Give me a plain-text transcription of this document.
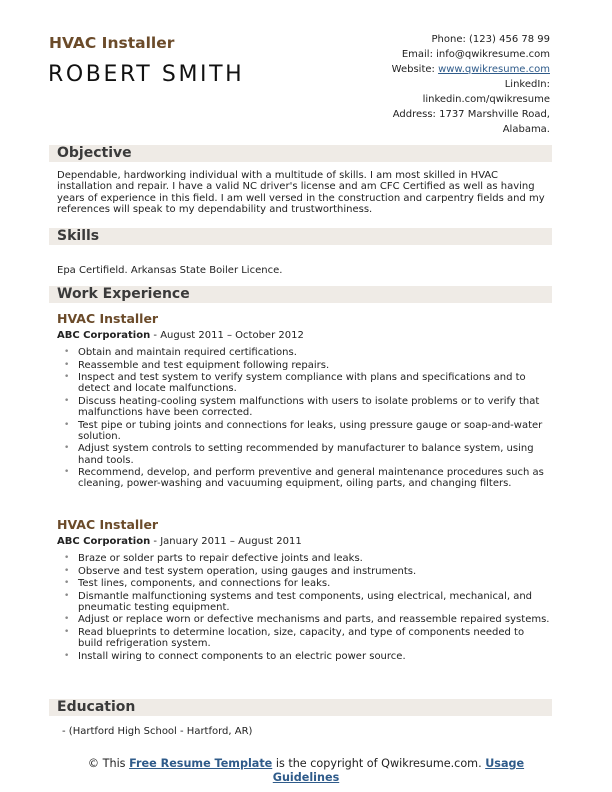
HVAC Installer
ROBERT SMITH
Phone: (123) 456 78 99
Email: info@qwikresume.com
Website: www.qwikresume.com
LinkedIn:
linkedin.com/qwikresume
Address: 1737 Marshville Road,
Alabama.
Objective
Dependable, hardworking individual with a multitude of skills. I am most skilled in HVAC installation and repair. I have a valid NC driver's license and am CFC Certified as well as having years of experience in this field. I am well versed in the construction and carpentry fields and my references will speak to my dependability and trustworthiness.
Skills
Epa Certifield. Arkansas State Boiler Licence.
Work Experience
HVAC Installer
ABC Corporation - August 2011 – October 2012
• Obtain and maintain required certifications.
• Reassemble and test equipment following repairs.
• Inspect and test system to verify system compliance with plans and specifications and to detect and locate malfunctions.
• Discuss heating-cooling system malfunctions with users to isolate problems or to verify that malfunctions have been corrected.
• Test pipe or tubing joints and connections for leaks, using pressure gauge or soap-and-water solution.
• Adjust system controls to setting recommended by manufacturer to balance system, using hand tools.
• Recommend, develop, and perform preventive and general maintenance procedures such as cleaning, power-washing and vacuuming equipment, oiling parts, and changing filters.
HVAC Installer
ABC Corporation - January 2011 – August 2011
• Braze or solder parts to repair defective joints and leaks.
• Observe and test system operation, using gauges and instruments.
• Test lines, components, and connections for leaks.
• Dismantle malfunctioning systems and test components, using electrical, mechanical, and pneumatic testing equipment.
• Adjust or replace worn or defective mechanisms and parts, and reassemble repaired systems.
• Read blueprints to determine location, size, capacity, and type of components needed to build refrigeration system.
• Install wiring to connect components to an electric power source.
Education
- (Hartford High School - Hartford, AR)
© This Free Resume Template is the copyright of Qwikresume.com. Usage
Guidelines
